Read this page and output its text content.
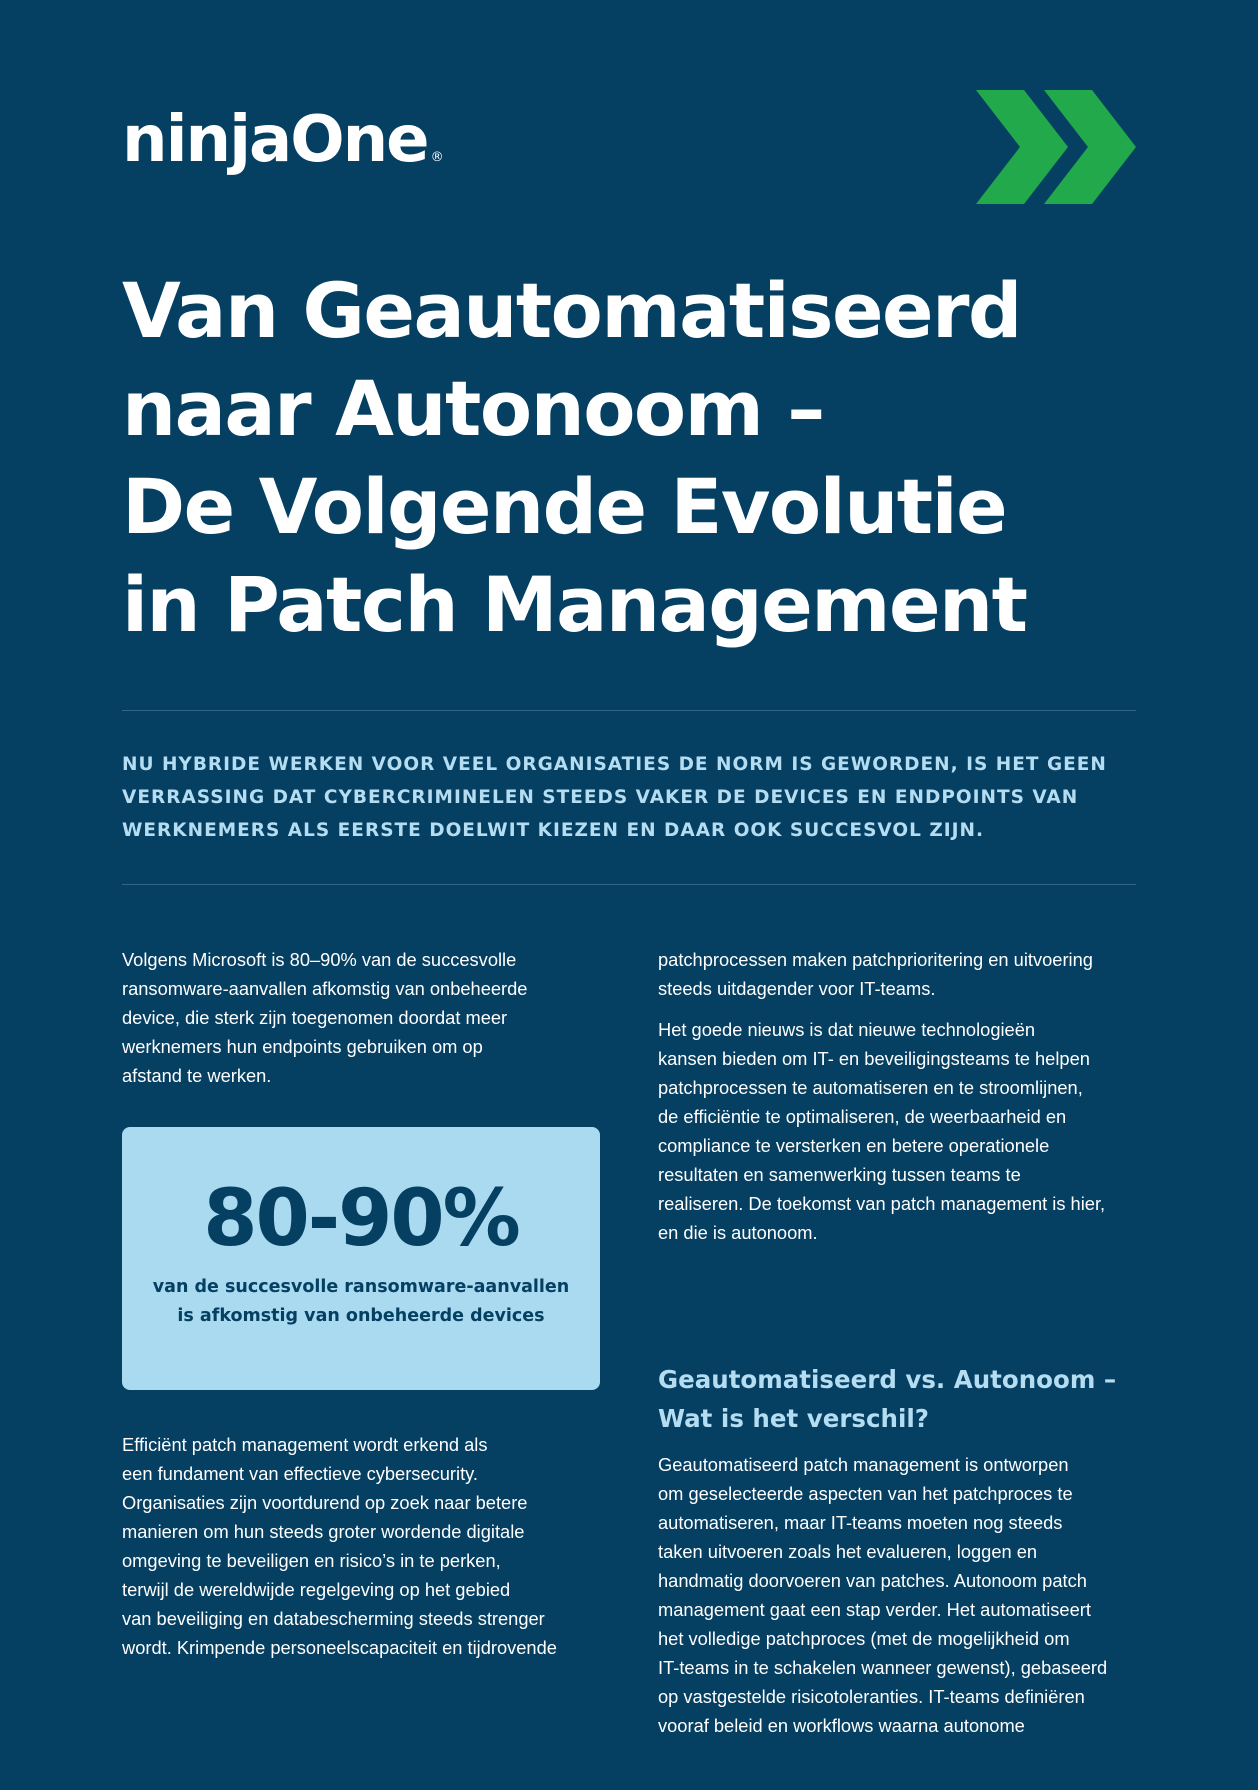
ninjaOne ®
Van Geautomatiseerd
naar Autonoom –
De Volgende Evolutie
in Patch Management

NU HYBRIDE WERKEN VOOR VEEL ORGANISATIES DE NORM IS GEWORDEN, IS HET GEEN
VERRASSING DAT CYBERCRIMINELEN STEEDS VAKER DE DEVICES EN ENDPOINTS VAN
WERKNEMERS ALS EERSTE DOELWIT KIEZEN EN DAAR OOK SUCCESVOL ZIJN.

Volgens Microsoft is 80–90% van de succesvolle
ransomware-aanvallen afkomstig van onbeheerde
device, die sterk zijn toegenomen doordat meer
werknemers hun endpoints gebruiken om op
afstand te werken.

80-90%
van de succesvolle ransomware-aanvallen
is afkomstig van onbeheerde devices

Efficiënt patch management wordt erkend als
een fundament van effectieve cybersecurity.
Organisaties zijn voortdurend op zoek naar betere
manieren om hun steeds groter wordende digitale
omgeving te beveiligen en risico’s in te perken,
terwijl de wereldwijde regelgeving op het gebied
van beveiliging en databescherming steeds strenger
wordt. Krimpende personeelscapaciteit en tijdrovende

patchprocessen maken patchprioritering en uitvoering
steeds uitdagender voor IT-teams.

Het goede nieuws is dat nieuwe technologieën
kansen bieden om IT- en beveiligingsteams te helpen
patchprocessen te automatiseren en te stroomlijnen,
de efficiëntie te optimaliseren, de weerbaarheid en
compliance te versterken en betere operationele
resultaten en samenwerking tussen teams te
realiseren. De toekomst van patch management is hier,
en die is autonoom.

Geautomatiseerd vs. Autonoom –
Wat is het verschil?

Geautomatiseerd patch management is ontworpen
om geselecteerde aspecten van het patchproces te
automatiseren, maar IT-teams moeten nog steeds
taken uitvoeren zoals het evalueren, loggen en
handmatig doorvoeren van patches. Autonoom patch
management gaat een stap verder. Het automatiseert
het volledige patchproces (met de mogelijkheid om
IT-teams in te schakelen wanneer gewenst), gebaseerd
op vastgestelde risicotoleranties. IT-teams definiëren
vooraf beleid en workflows waarna autonome
